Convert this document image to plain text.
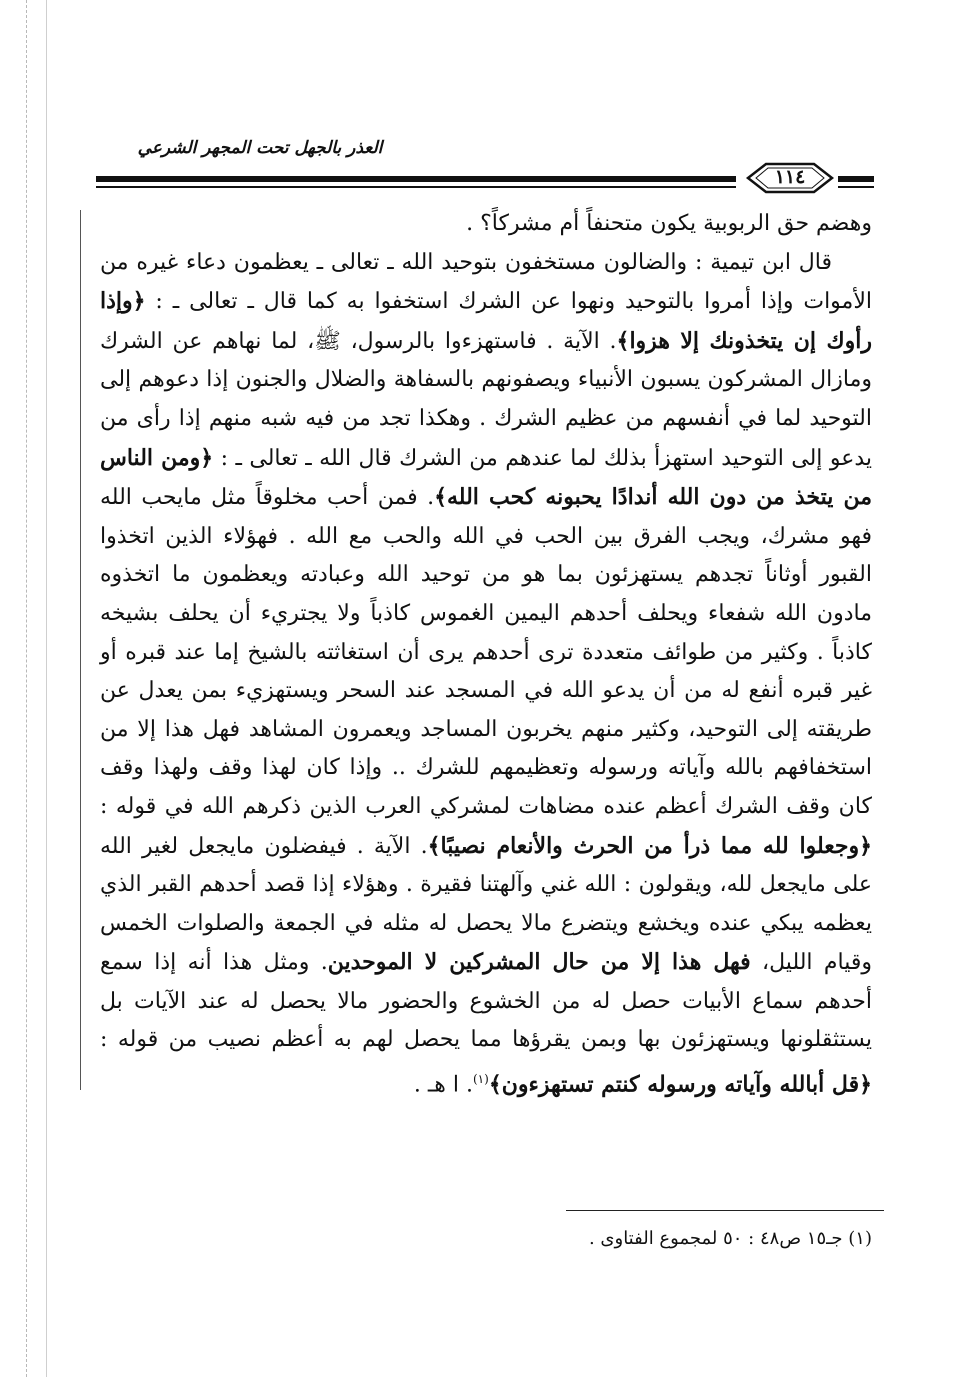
العذر بالجهل تحت المجهر الشرعي
١١٤

وهضم حق الربوبية يكون متحنفاً أم مشركاً؟ .

قال ابن تيمية : والضالون مستخفون بتوحيد الله ـ تعالى ـ يعظمون دعاء غيره من الأموات وإذا أمروا بالتوحيد ونهوا عن الشرك استخفوا به كما قال ـ تعالى ـ : ﴿وإذا رأوك إن يتخذونك إلا هزوا﴾. الآية . فاستهزءوا بالرسول، ﷺ، لما نهاهم عن الشرك ومازال المشركون يسبون الأنبياء ويصفونهم بالسفاهة والضلال والجنون إذا دعوهم إلى التوحيد لما في أنفسهم من عظيم الشرك . وهكذا تجد من فيه شبه منهم إذا رأى من يدعو إلى التوحيد استهزأ بذلك لما عندهم من الشرك قال الله ـ تعالى ـ : ﴿ومن الناس من يتخذ من دون الله أندادًا يحبونه كحب الله﴾. فمن أحب مخلوقاً مثل مايحب الله فهو مشرك، ويجب الفرق بين الحب في الله والحب مع الله . فهؤلاء الذين اتخذوا القبور أوثاناً تجدهم يستهزئون بما هو من توحيد الله وعبادته ويعظمون ما اتخذوه مادون الله شفعاء ويحلف أحدهم اليمين الغموس كاذباً ولا يجتريء أن يحلف بشيخه كاذباً . وكثير من طوائف متعددة ترى أحدهم يرى أن استغاثته بالشيخ إما عند قبره أو غير قبره أنفع له من أن يدعو الله في المسجد عند السحر ويستهزيء بمن يعدل عن طريقته إلى التوحيد، وكثير منهم يخربون المساجد ويعمرون المشاهد فهل هذا إلا من استخفافهم بالله وآياته ورسوله وتعظيمهم للشرك .. وإذا كان لهذا وقف ولهذا وقف كان وقف الشرك أعظم عنده مضاهات لمشركي العرب الذين ذكرهم الله في قوله : ﴿وجعلوا لله مما ذرأ من الحرث والأنعام نصيبًا﴾. الآية . فيفضلون مايجعل لغير الله على مايجعل لله، ويقولون : الله غني وآلهتنا فقيرة . وهؤلاء إذا قصد أحدهم القبر الذي يعظمه يبكي عنده ويخشع ويتضرع مالا يحصل له مثله في الجمعة والصلوات الخمس وقيام الليل، فهل هذا إلا من حال المشركين لا الموحدين. ومثل هذا أنه إذا سمع أحدهم سماع الأبيات حصل له من الخشوع والحضور مالا يحصل له عند الآيات بل يستثقلونها ويستهزئون بها وبمن يقرؤها مما يحصل لهم به أعظم نصيب من قوله : ﴿قل أبالله وآياته ورسوله كنتم تستهزءون﴾$^{(١)}$. ا هـ .

(١) جـ١٥ ص٤٨ : ٥٠ لمجموع الفتاوى .
